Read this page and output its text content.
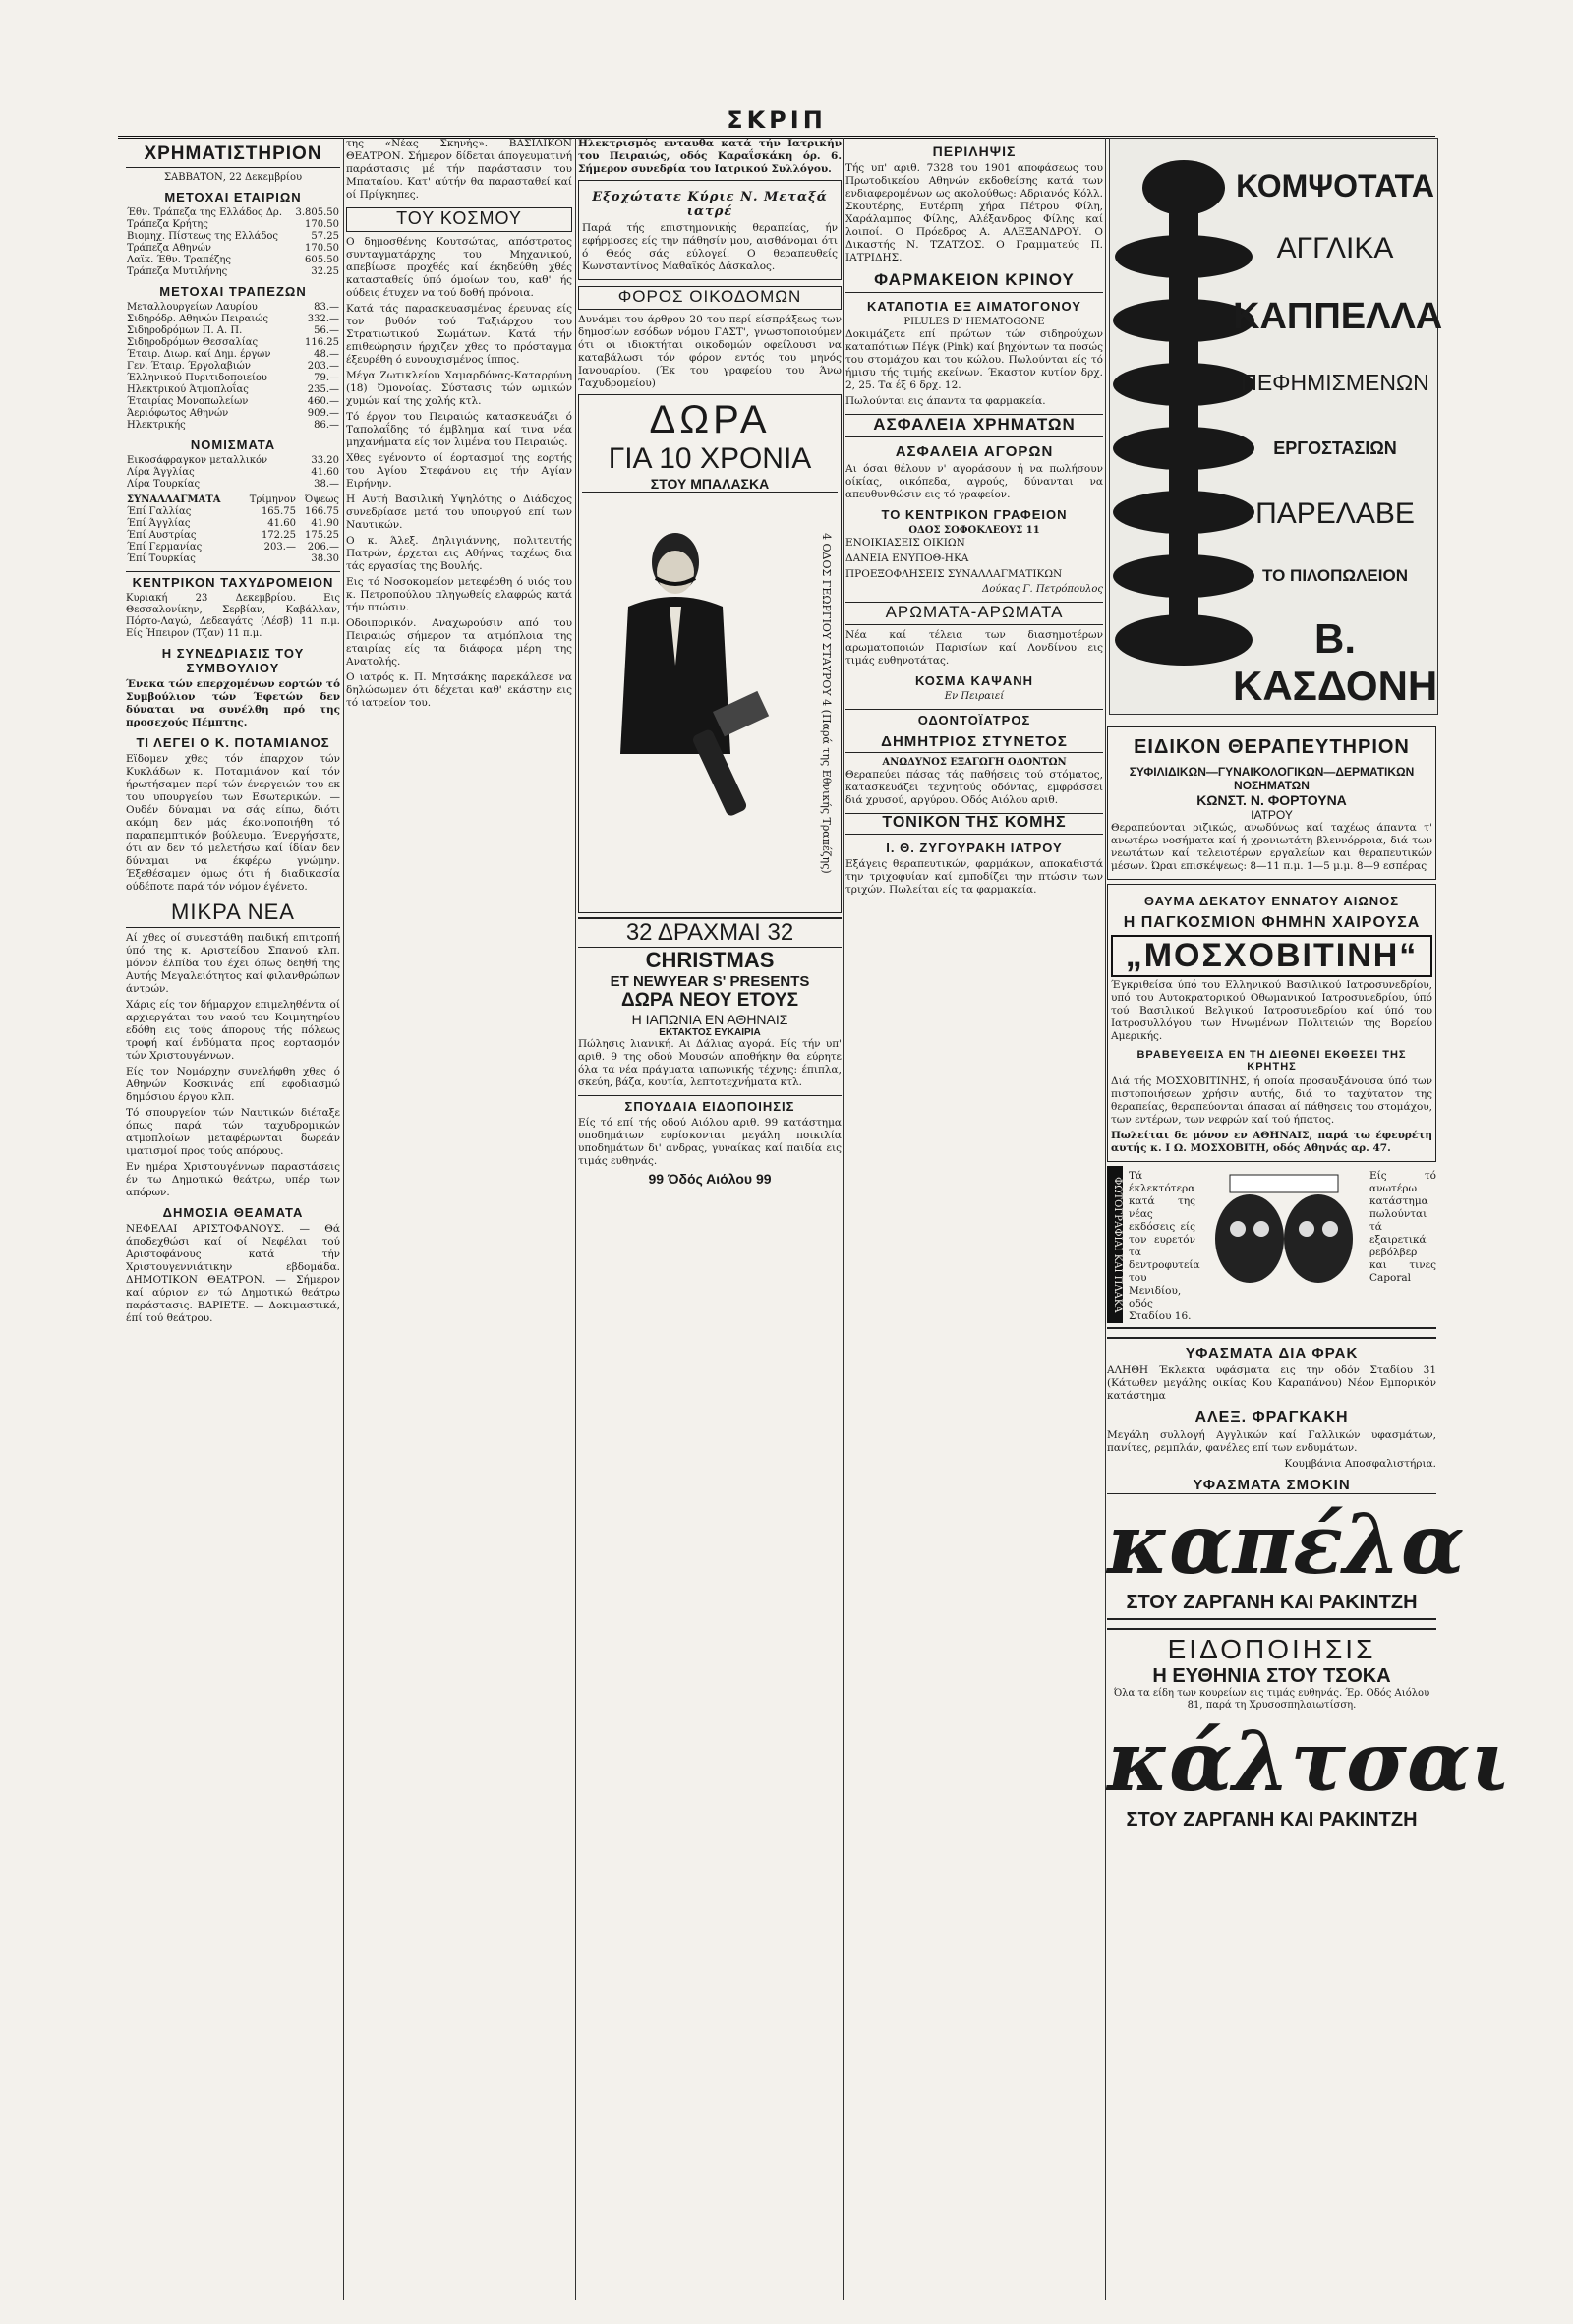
ΣΚΡΙΠ
ΧΡΗΜΑΤΙΣΤΗΡΙΟΝ
ΣΑΒΒΑΤΟΝ, 22 Δεκεμβρίου
ΜΕΤΟΧΑΙ ΕΤΑΙΡΙΩΝ
Έθν. Τράπεζα της Ελλάδος Δρ.	3.805.50
Τράπεζα Κρήτης	170.50
Βιομηχ. Πίστεως της Ελλάδος	57.25
Τράπεζα Αθηνών	170.50
Λαϊκ. Έθν. Τραπέζης	605.50
Τράπεζα Μυτιλήνης	32.25
ΜΕΤΟΧΑΙ ΤΡΑΠΕΖΩΝ
Μεταλλουργείων Λαυρίου	83.—
Σιδηρόδρ. Αθηνών Πειραιώς	332.—
Σιδηροδρόμων Π. Α. Π.	56.—
Σιδηροδρόμων Θεσσαλίας	116.25
Έταιρ. Διωρ. καί Δημ. έργων	48.—
Γεν. Έταιρ. Έργολαβιών	203.—
Έλληνικού Πυριτιδοποιείου	79.—
Ηλεκτρικού Άτμοπλοΐας	235.—
Έταιρίας Μονοπωλείων	460.—
Άεριόφωτος Αθηνών	909.—
Ηλεκτρικής	86.—
ΝΟΜΙΣΜΑΤΑ
Εικοσάφραγκον μεταλλικόν	33.20
Λίρα Άγγλίας	41.60
Λίρα Τουρκίας	38.—
ΣΥΝΑΛΛΑΓΜΑΤΑ	Τρίμηνον	Όψεως
Έπί Γαλλίας	165.75	166.75
Έπί Άγγλίας	41.60	41.90
Έπί Αυστρίας	172.25	175.25
Έπί Γερμανίας	203.—	206.—
Έπί Τουρκίας		38.30
ΚΕΝΤΡΙΚΟΝ ΤΑΧΥΔΡΟΜΕΙΟΝ

Κυριακή 23 Δεκεμβρίου. Εις Θεσσαλονίκην, Σερβίαν, Καβάλλαν, Πόρτο-Λαγώ, Δεδεαγάτς (Λέσβ) 11 π.μ. Είς Ήπειρον (Τζαν) 11 π.μ.

Η ΣΥΝΕΔΡΙΑΣΙΣ ΤΟΥ ΣΥΜΒΟΥΛΙΟΥ

Ένεκα τών επερχομένων εορτών τό Συμβούλιον τών Έφετών δεν δύναται να συνέλθη πρό της προσεχούς Πέμπτης.

ΤΙ ΛΕΓΕΙ Ο Κ. ΠΟΤΑΜΙΑΝΟΣ

Εϊδομεν χθες τόν έπαρχον τών Κυκλάδων κ. Ποταμιάνον καί τόν ήρωτήσαμεν περί τών ένεργειών του εκ του υπουργείου των Εσωτερικών. — Ουδέν δύναμαι να σάς είπω, διότι ακόμη δεν μάς έκοινοποιήθη τό παραπεμπτικόν βούλευμα. Ένεργήσατε, ότι αν δεν τό μελετήσω καί ίδίαν δεν δύναμαι να έκφέρω γνώμην. Έξεθέσαμεν όμως ότι ή διαδικασία ούδέποτε παρά τόν νόμον έγένετο.

ΜΙΚΡΑ ΝΕΑ

Αί χθες οί συνεστάθη παιδική επιτροπή ύπό της κ. Αριστείδου Σπανού κλπ. μόνον έλπίδα του έχει όπως δεηθή της Αυτής Μεγαλειότητος καί φιλανθρώπων άντρών.

Χάρις είς τον δήμαρχον επιμεληθέντα οί αρχιεργάται του ναού του Κοιμητηρίου εδόθη εις τούς άπορους τής πόλεως τροφή καί ένδύματα προς εορτασμόν τών Χριστουγέννων.

Είς τον Νομάρχην συνελήφθη χθες ό Αθηνών Κοσκινάς επί εφοδιασμώ δημόσιου έργου κλπ.

Τό σπουργείον τών Ναυτικών διέταξε όπως παρά τών ταχυδρομικών ατμοπλοίων μεταφέρωνται δωρεάν ιματισμοί προς τούς απόρους.

Εν ημέρα Χριστουγέννων παραστάσεις έν τω Δημοτικώ θεάτρω, υπέρ των απόρων.

ΔΗΜΟΣΙΑ ΘΕΑΜΑΤΑ

ΝΕΦΕΛΑΙ ΑΡΙΣΤΟΦΑΝΟΥΣ. — Θά άποδεχθώσι καί οί Νεφέλαι τού Αριστοφάνους κατά τήν Χριστουγεννιάτικην εβδομάδα. ΔΗΜΟΤΙΚΟΝ ΘΕΑΤΡΟΝ. — Σήμερον καί αύριον εν τώ Δημοτικώ θεάτρω παράστασις. ΒΑΡΙΕΤΕ. — Δοκιμαστικά, έπί τού θεάτρου.

της «Νέας Σκηνής». ΒΑΣΙΛΙΚΟΝ ΘΕΑΤΡΟΝ. Σήμερον δίδεται άπογευματινή παράστασις μέ τήν παράστασιν του Μπαταίου. Κατ' αύτήν θα παρασταθεί καί οί Πρίγκηπες.

ΤΟΥ ΚΟΣΜΟΥ

Ο δημοσθένης Κουτσώτας, απόστρατος συνταγματάρχης του Μηχανικού, απεβίωσε προχθές καί έκηδεύθη χθές κατασταθείς ύπό όμοίων του, καθ' ής ούδεις έτυχεν να τού δοθή πρόνοια.

Κατά τάς παρασκευασμένας έρευνας είς τον βυθόν τού Ταξιάρχου του Στρατιωτικού Σωμάτων. Κατά τήν επιθεώρησιν ήρχιζεν χθες το πρόσταγμα έξευρέθη ό ευνουχισμένος ίππος.

Μέγα Ζωτικλείου Χαμαρδόνας-Καταρρύνη (18) Όμονοίας. Σύστασις τών ωμικών χυμών καί της χολής κτλ.

Τό έργον του Πειραιώς κατασκευάζει ό Ταπολαΐδης τό έμβλημα καί τινα νέα μηχανήματα είς τον λιμένα του Πειραιώς.

Χθες εγένοντο οί έορτασμοί της εορτής του Αγίου Στεφάνου εις τήν Αγίαν Ειρήνην.

Η Αυτή Βασιλική Υψηλότης ο Διάδοχος συνεδρίασε μετά του υπουργού επί των Ναυτικών.

Ο κ. Άλεξ. Δηλιγιάννης, πολιτευτής Πατρών, έρχεται εις Αθήνας ταχέως δια τάς εργασίας της Βουλής.

Εις τό Νοσοκομείον μετεφέρθη ό υιός του κ. Πετροπούλου πληγωθείς ελαφρώς κατά τήν πτώσιν.

Οδοιπορικόν. Αναχωρούσιν από του Πειραιώς σήμερον τα ατμόπλοια της εταιρίας είς τα διάφορα μέρη της Ανατολής.

Ο ιατρός κ. Π. Μητσάκης παρεκάλεσε να δηλώσωμεν ότι δέχεται καθ' εκάστην εις τό ιατρείον του.

Ηλεκτρισμός ενταυθα κατά τήν Ιατρικήν του Πειραιώς, οδός Καραΐσκάκη όρ. 6. Σήμερον συνεδρία του Ιατρικού Συλλόγου.

Εξοχώτατε Κύριε Ν. Μεταξά ιατρέ

Παρά τής επιστημονικής θεραπείας, ήν εφήρμοσες είς την πάθησίν μου, αισθάνομαι ότι ό Θεός σάς εύλογεί. Ο θεραπευθείς Κωνσταντίνος Μαθαϊκός Δάσκαλος.

ΦΟΡΟΣ ΟΙΚΟΔΟΜΩΝ

Δυνάμει του άρθρου 20 του περί είσπράξεως των δημοσίων εσόδων νόμου ΓΑΣΤ', γνωστοποιούμεν ότι οι ιδιοκτήται οικοδομών οφείλουσι να καταβάλωσι τόν φόρον εντός του μηνός Ιανουαρίου. (Έκ του γραφείου του Άνω Ταχυδρομείου)

ΔΩΡΑ
ΓΙΑ 10 ΧΡΟΝΙΑ
ΣΤΟΥ ΜΠΑΛΑΣΚΑ
4 ΟΔΟΣ ΓΕΩΡΓΙΟΥ ΣΤΑΥΡΟΥ 4 (Παρά της Εθνικής Τραπέζης)
32 ΔΡΑΧΜΑΙ 32
CHRISTMAS
ET NEWYEAR S' PRESENTS
ΔΩΡΑ ΝΕΟΥ ΕΤΟΥΣ
Η ΙΑΠΩΝΙΑ ΕΝ ΑΘΗΝΑΙΣ
ΕΚΤΑΚΤΟΣ ΕΥΚΑΙΡΙΑ

Πώλησις λιανική. Αι Δάλιας αγορά. Είς τήν υπ' αριθ. 9 της οδού Μουσών αποθήκην θα εύρητε όλα τα νέα πράγματα ιαπωνικής τέχνης: έπιπλα, σκεύη, βάζα, κουτία, λεπτοτεχνήματα κτλ.

ΣΠΟΥΔΑΙΑ ΕΙΔΟΠΟΙΗΣΙΣ

Είς τό επί τής οδού Αιόλου αριθ. 99 κατάστημα υποδημάτων ευρίσκονται μεγάλη ποικιλία υποδημάτων δι' ανδρας, γυναίκας καί παιδία εις τιμάς ευθηνάς.

99 Όδός Αιόλου 99
ΠΕΡΙΛΗΨΙΣ

Τής υπ' αριθ. 7328 του 1901 αποφάσεως του Πρωτοδικείου Αθηνών εκδοθείσης κατά των ενδιαφερομένων ως ακολούθως: Αδριανός Κόλλ. Σκουτέρης, Ευτέρπη χήρα Πέτρου Φίλη, Χαράλαμπος Φίλης, Αλέξανδρος Φίλης καί λοιποί. Ο Πρόεδρος Α. ΑΛΕΞΑΝΔΡΟΥ. Ο Δικαστής Ν. ΤΖΑΤΖΟΣ. Ο Γραμματεύς Π. ΙΑΤΡΙΔΗΣ.

ΦΑΡΜΑΚΕΙΟΝ ΚΡΙΝΟΥ
ΚΑΤΑΠΟΤΙΑ ΕΞ ΑΙΜΑΤΟΓΟΝΟΥ
PILULES D' HEMATOGONE

Δοκιμάζετε επί πρώτων τών σιδηρούχων καταπότιων Πέγκ (Pink) καί βηχόντων τα ποσώς του στομάχου και του κώλου. Πωλούνται είς τό ήμισυ τής τιμής εκείνων. Έκαστον κυτίον δρχ. 2, 25. Τα έξ 6 δρχ. 12.

Πωλούνται εις άπαντα τα φαρμακεία.

ΑΣΦΑΛΕΙΑ ΧΡΗΜΑΤΩΝ
ΑΣΦΑΛΕΙΑ ΑΓΟΡΩΝ

Αι όσαι θέλουν ν' αγοράσουν ή να πωλήσουν οίκίας, οικόπεδα, αγρούς, δύνανται να απευθυνθώσιν εις τό γραφείον.

ΤΟ ΚΕΝΤΡΙΚΟΝ ΓΡΑΦΕΙΟΝ
ΟΔΟΣ ΣΟΦΟΚΛΕΟΥΣ 11

ΕΝΟΙΚΙΑΣΕΙΣ ΟΙΚΙΩΝ

ΔΑΝΕΙΑ ΕΝΥΠΟΘ-ΗΚΑ

ΠΡΟΕΞΟΦΛΗΣΕΙΣ ΣΥΝΑΛΛΑΓΜΑΤΙΚΩΝ

Δούκας Γ. Πετρόπουλος
ΑΡΩΜΑΤΑ-ΑΡΩΜΑΤΑ

Νέα καί τέλεια των διασημοτέρων αρωματοποιών Παρισίων καί Λονδίνου εις τιμάς ευθηνοτάτας.

ΚΟΣΜΑ ΚΑΨΑΝΗ
Εν Πειραιεί
ΟΔΟΝΤΟΪΑΤΡΟΣ
ΔΗΜΗΤΡΙΟΣ ΣΤΥΝΕΤΟΣ
ΑΝΩΔΥΝΟΣ ΕΞΑΓΩΓΗ ΟΔΟΝΤΩΝ

Θεραπεύει πάσας τάς παθήσεις τού στόματος, κατασκευάζει τεχνητούς οδόντας, εμφράσσει διά χρυσού, αργύρου. Οδός Αιόλου αριθ.

ΤΟΝΙΚΟΝ ΤΗΣ ΚΟΜΗΣ
Ι. Θ. ΖΥΓΟΥΡΑΚΗ ΙΑΤΡΟΥ

Εξάγεις θεραπευτικών, φαρμάκων, αποκαθιστά την τριχοφυίαν καί εμποδίζει την πτώσιν των τριχών. Πωλείται είς τα φαρμακεία.

ΚΟΜΨΟΤΑΤΑ
ΑΓΓΛΙΚΑ
ΚΑΠΠΕΛΛΑ
ΠΕΦΗΜΙΣΜΕΝΩΝ
ΕΡΓΟΣΤΑΣΙΩΝ
ΠΑΡΕΛΑΒΕ
ΤΟ ΠΙΛΟΠΩΛΕΙΟΝ
Β. ΚΑΣΔΟΝΗ
ΕΙΔΙΚΟΝ ΘΕΡΑΠΕΥΤΗΡΙΟΝ
ΣΥΦΙΛΙΔΙΚΩΝ—ΓΥΝΑΙΚΟΛΟΓΙΚΩΝ—ΔΕΡΜΑΤΙΚΩΝ ΝΟΣΗΜΑΤΩΝ
ΚΩΝΣΤ. Ν. ΦΟΡΤΟΥΝΑ
ΙΑΤΡΟΥ

Θεραπεύονται ριζικώς, ανωδύνως καί ταχέως άπαντα τ' ανωτέρω νοσήματα καί ή χρονιωτάτη βλεννόρροια, διά των νεωτάτων καί τελειοτέρων εργαλείων και θεραπευτικών μέσων. Ώραι επισκέψεως: 8—11 π.μ. 1—5 μ.μ. 8—9 εσπέρας

ΘΑΥΜΑ ΔΕΚΑΤΟΥ ΕΝΝΑΤΟΥ ΑΙΩΝΟΣ
Η ΠΑΓΚΟΣΜΙΟΝ ΦΗΜΗΝ ΧΑΙΡΟΥΣΑ
„ΜΟΣΧΟΒΙΤΙΝΗ“

Έγκριθείσα ύπό του Ελληνικού Βασιλικού Ιατροσυνεδρίου, υπό του Αυτοκρατορικού Οθωμανικού Ιατροσυνεδρίου, ύπό τού Βασιλικού Βελγικού Ιατροσυνεδρίου καί ύπό του Ιατροσυλλόγου των Ηνωμένων Πολιτειών της Βορείου Αμερικής.

ΒΡΑΒΕΥΘΕΙΣΑ ΕΝ ΤΗ ΔΙΕΘΝΕΙ ΕΚΘΕΣΕΙ ΤΗΣ ΚΡΗΤΗΣ

Διά τής ΜΟΣΧΟΒΙΤΙΝΗΣ, ή οποία προσαυξάνουσα ύπό των πιστοποιήσεων χρήσιν αυτής, διά το ταχύτατον της θεραπείας, θεραπεύονται άπασαι αί πάθησεις του στομάχου, των εντέρων, των νεφρών καί τού ήπατος.

Πωλείται δε μόνον εν ΑΘΗΝΑΙΣ, παρά τω έφευρέτη αυτής κ. Ι Ω. ΜΟΣΧΟΒΙΤΗ, οδός Αθηνάς αρ. 47.

ΦΩΤΟΓΡΑΦΙΑΙ ΚΑΙ ΠΛΑΚΑ

Τά έκλεκτότερα κατά της νέας εκδόσεις είς τον ευρετόν τα δεντροφυτεία του Μενιδίου, οδός Σταδίου 16.

Είς τό ανωτέρω κατάστημα πωλούνται τά εξαιρετικά ρεβόλβερ και τινες Caporal

ΥΦΑΣΜΑΤΑ ΔΙΑ ΦΡΑΚ

ΑΛΗΘΗ Έκλεκτα υφάσματα εις την οδόν Σταδίου 31 (Κάτωθεν μεγάλης οικίας Κου Καραπάνου) Νέον Εμπορικόν κατάστημα

ΑΛΕΞ. ΦΡΑΓΚΑΚΗ

Μεγάλη συλλογή Αγγλικών καί Γαλλικών υφασμάτων, πανίτες, ρεμπλάν, φανέλες επί των ενδυμάτων.

Κουμβάνια Αποσφαλιστήρια.

ΥΦΑΣΜΑΤΑ ΣΜΟΚΙΝ
καπέλα
ΣΤΟΥ ΖΑΡΓΑΝΗ ΚΑΙ ΡΑΚΙΝΤΖΗ
ΕΙΔΟΠΟΙΗΣΙΣ
Η ΕΥΘΗΝΙΑ ΣΤΟΥ ΤΣΟΚΑ

Όλα τα είδη των κουρείων εις τιμάς ευθηνάς. Έρ. Οδός Αιόλου 81, παρά τη Χρυσοσπηλαιωτίσση.

κάλτσαι
ΣΤΟΥ ΖΑΡΓΑΝΗ ΚΑΙ ΡΑΚΙΝΤΖΗ
